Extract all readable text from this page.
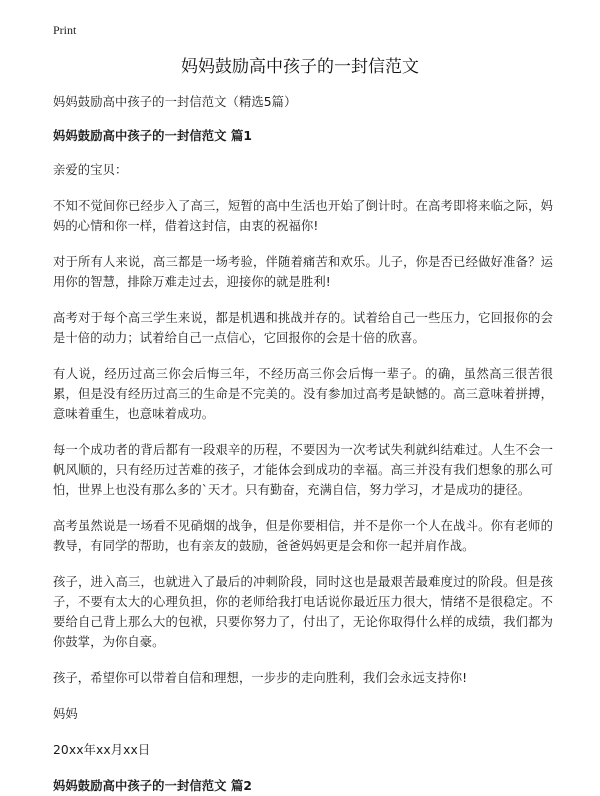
Print
妈妈鼓励高中孩子的一封信范文

妈妈鼓励高中孩子的一封信范文（精选5篇）

妈妈鼓励高中孩子的一封信范文 篇1

亲爱的宝贝：

不知不觉间你已经步入了高三，短暂的高中生活也开始了倒计时。在高考即将来临之际，妈妈的心情和你一样，借着这封信，由衷的祝福你!

对于所有人来说，高三都是一场考验，伴随着痛苦和欢乐。儿子，你是否已经做好准备？运用你的智慧，排除万难走过去，迎接你的就是胜利!

高考对于每个高三学生来说，都是机遇和挑战并存的。试着给自己一些压力，它回报你的会是十倍的动力；试着给自己一点信心，它回报你的会是十倍的欣喜。

有人说，经历过高三你会后悔三年，不经历高三你会后悔一辈子。的确，虽然高三很苦很累，但是没有经历过高三的生命是不完美的。没有参加过高考是缺憾的。高三意味着拼搏，意味着重生，也意味着成功。

每一个成功者的背后都有一段艰辛的历程，不要因为一次考试失利就纠结难过。人生不会一帆风顺的，只有经历过苦难的孩子，才能体会到成功的幸福。高三并没有我们想象的那么可怕，世界上也没有那么多的`天才。只有勤奋，充满自信，努力学习，才是成功的捷径。

高考虽然说是一场看不见硝烟的战争，但是你要相信，并不是你一个人在战斗。你有老师的教导，有同学的帮助，也有亲友的鼓励，爸爸妈妈更是会和你一起并肩作战。

孩子，进入高三，也就进入了最后的冲刺阶段，同时这也是最艰苦最难度过的阶段。但是孩子，不要有太大的心理负担，你的老师给我打电话说你最近压力很大，情绪不是很稳定。不要给自己背上那么大的包袱，只要你努力了，付出了，无论你取得什么样的成绩，我们都为你鼓掌，为你自豪。

孩子，希望你可以带着自信和理想，一步步的走向胜利，我们会永远支持你!

妈妈

20xx年xx月xx日

妈妈鼓励高中孩子的一封信范文 篇2
